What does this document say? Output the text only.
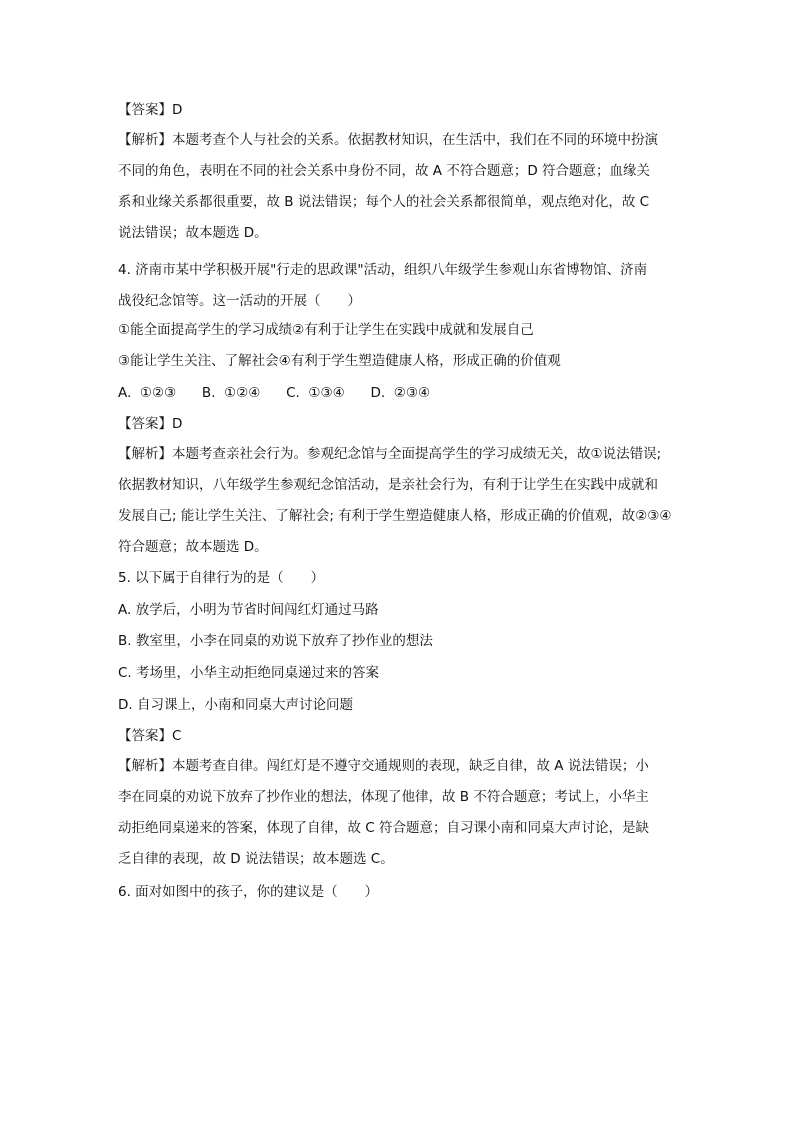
【答案】D
【解析】本题考查个人与社会的关系。依据教材知识，在生活中，我们在不同的环境中扮演
不同的角色，表明在不同的社会关系中身份不同，故 A 不符合题意；D 符合题意；血缘关
系和业缘关系都很重要，故 B 说法错误；每个人的社会关系都很简单，观点绝对化，故 C
说法错误；故本题选 D。
4. 济南市某中学积极开展"行走的思政课"活动，组织八年级学生参观山东省博物馆、济南
战役纪念馆等。这一活动的开展（　　）
①能全面提高学生的学习成绩②有利于让学生在实践中成就和发展自己
③能让学生关注、了解社会④有利于学生塑造健康人格，形成正确的价值观
A.  ①②③      B.  ①②④      C.  ①③④      D.  ②③④
【答案】D
【解析】本题考查亲社会行为。参观纪念馆与全面提高学生的学习成绩无关，故①说法错误;
依据教材知识，八年级学生参观纪念馆活动，是亲社会行为，有利于让学生在实践中成就和
发展自己; 能让学生关注、了解社会; 有利于学生塑造健康人格，形成正确的价值观，故②③④
符合题意；故本题选 D。
5. 以下属于自律行为的是（　　）
A. 放学后，小明为节省时间闯红灯通过马路
B. 教室里，小李在同桌的劝说下放弃了抄作业的想法
C. 考场里，小华主动拒绝同桌递过来的答案
D. 自习课上，小南和同桌大声讨论问题
【答案】C
【解析】本题考查自律。闯红灯是不遵守交通规则的表现，缺乏自律，故 A 说法错误；小
李在同桌的劝说下放弃了抄作业的想法，体现了他律，故 B 不符合题意；考试上，小华主
动拒绝同桌递来的答案，体现了自律，故 C 符合题意；自习课小南和同桌大声讨论，是缺
乏自律的表现，故 D 说法错误；故本题选 C。
6. 面对如图中的孩子，你的建议是（　　）
